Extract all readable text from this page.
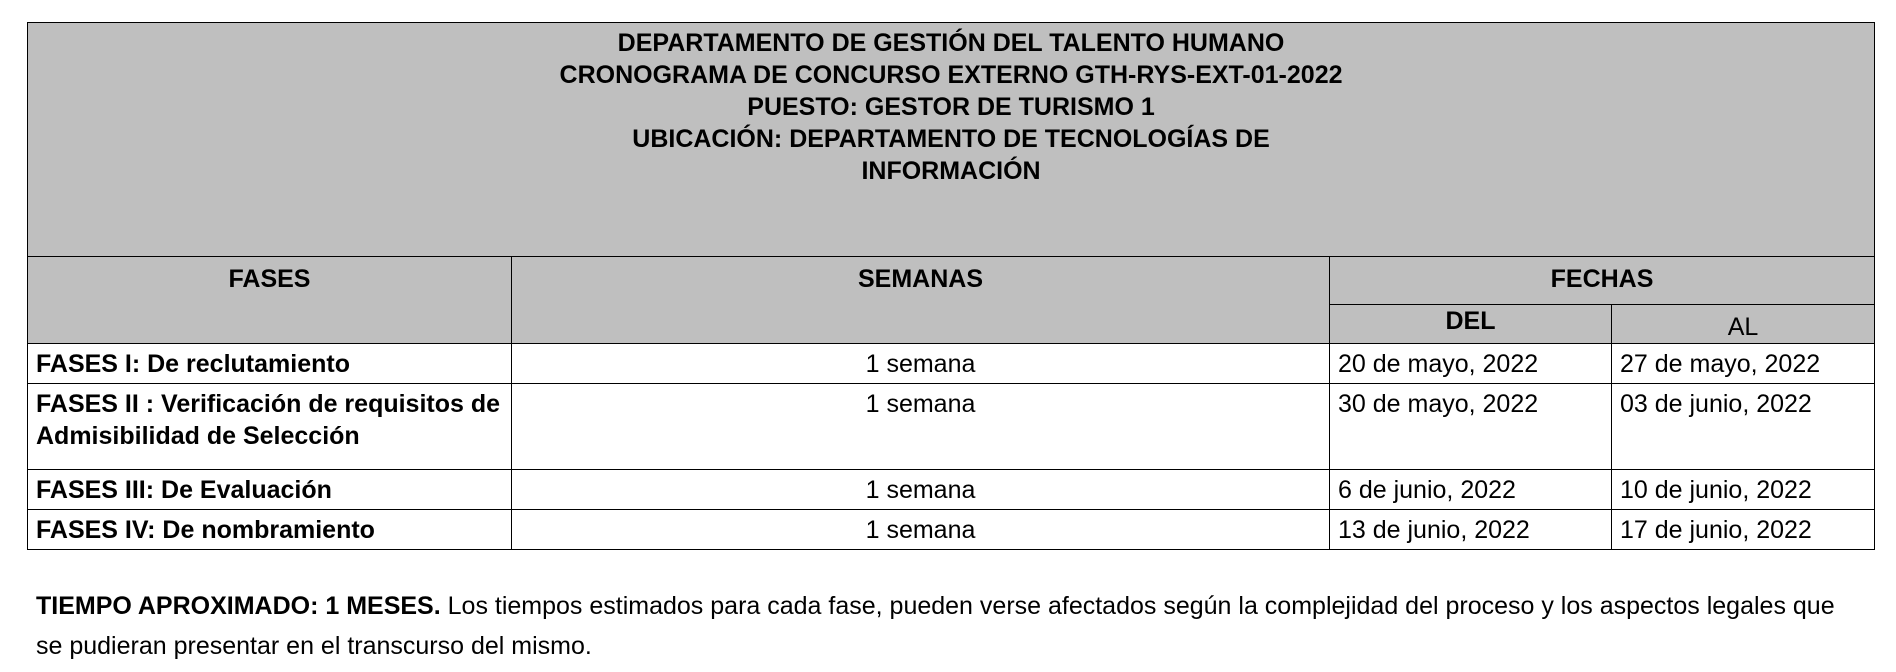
DEPARTAMENTO DE GESTIÓN DEL TALENTO HUMANO
CRONOGRAMA DE CONCURSO EXTERNO GTH-RYS-EXT-01-2022
PUESTO: GESTOR DE TURISMO 1
UBICACIÓN: DEPARTAMENTO DE TECNOLOGÍAS DE
INFORMACIÓN			

FASES	SEMANAS	FECHAS	
		DEL	AL
FASES I: De reclutamiento	1 semana	20 de mayo, 2022	27 de mayo, 2022
FASES II : Verificación de requisitos de Admisibilidad de Selección	1 semana	30 de mayo, 2022	03 de junio, 2022
FASES III: De Evaluación	1 semana	6 de junio, 2022	10 de junio, 2022
FASES IV: De nombramiento	1 semana	13 de junio, 2022	17 de junio, 2022
TIEMPO APROXIMADO: 1 MESES. Los tiempos estimados para cada fase, pueden verse afectados según la complejidad del proceso y los aspectos legales que se pudieran presentar en el transcurso del mismo.
